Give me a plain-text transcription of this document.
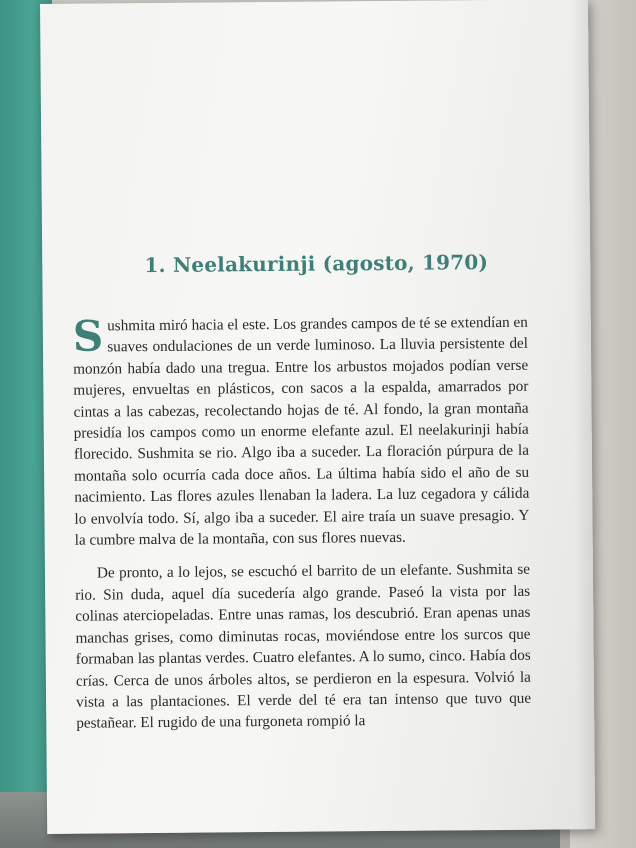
1. Neelakurinji (agosto, 1970)

Sushmita miró hacia el este. Los grandes campos de té se extendían en suaves ondulaciones de un verde luminoso. La lluvia persistente del monzón había dado una tregua. Entre los arbustos mojados podían verse mujeres, envueltas en plásticos, con sacos a la espalda, amarrados por cintas a las cabezas, recolectando hojas de té. Al fondo, la gran montaña presidía los campos como un enorme elefante azul. El neelakurinji había florecido. Sushmita se rio. Algo iba a suceder. La floración púrpura de la montaña solo ocurría cada doce años. La última había sido el año de su nacimiento. Las flores azules llenaban la ladera. La luz cegadora y cálida lo envolvía todo. Sí, algo iba a suceder. El aire traía un suave presagio. Y la cumbre malva de la montaña, con sus flores nuevas.

De pronto, a lo lejos, se escuchó el barrito de un elefante. Sushmita se rio. Sin duda, aquel día sucedería algo grande. Paseó la vista por las colinas aterciopeladas. Entre unas ramas, los descubrió. Eran apenas unas manchas grises, como diminutas rocas, moviéndose entre los surcos que formaban las plantas verdes. Cuatro elefantes. A lo sumo, cinco. Había dos crías. Cerca de unos árboles altos, se perdieron en la espesura. Volvió la vista a las plantaciones. El verde del té era tan intenso que tuvo que pestañear. El rugido de una furgoneta rompió la
